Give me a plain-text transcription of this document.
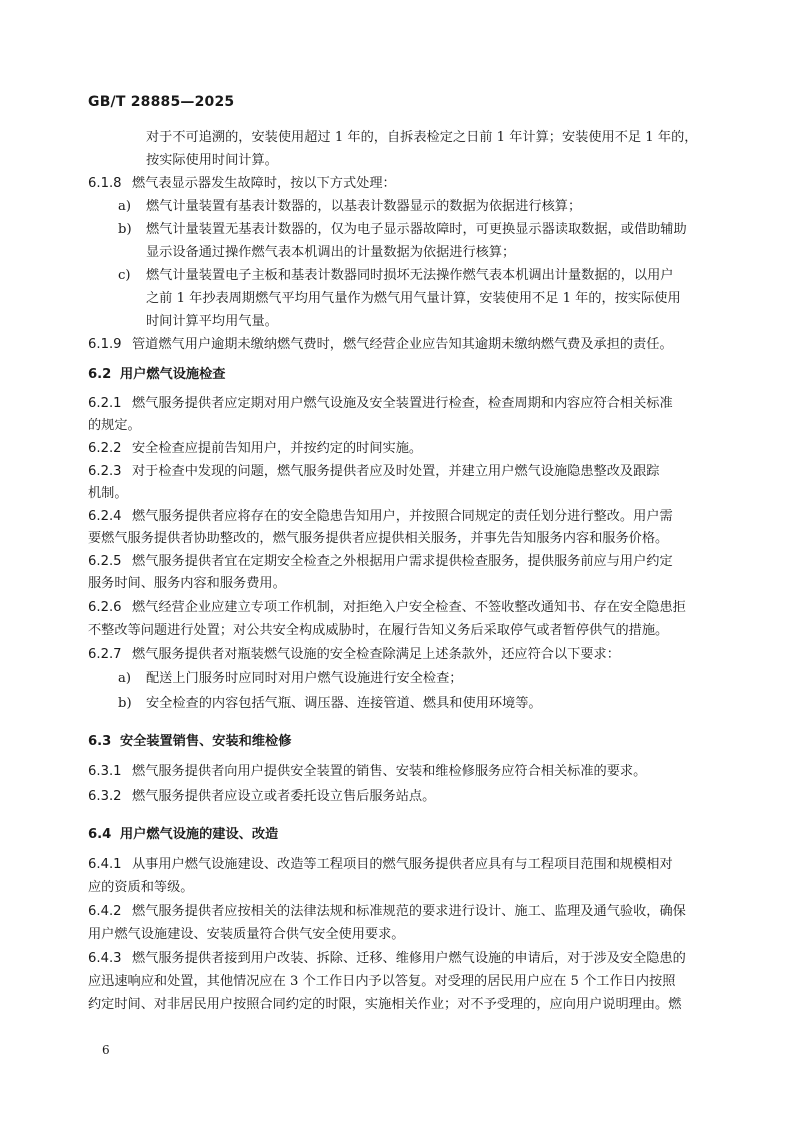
GB/T 28885—2025
对于不可追溯的，安装使用超过 1 年的，自拆表检定之日前 1 年计算；安装使用不足 1 年的，
按实际使用时间计算。
6.1.8 燃气表显示器发生故障时，按以下方式处理：
a) 燃气计量装置有基表计数器的，以基表计数器显示的数据为依据进行核算；
b) 燃气计量装置无基表计数器的，仅为电子显示器故障时，可更换显示器读取数据，或借助辅助
显示设备通过操作燃气表本机调出的计量数据为依据进行核算；
c) 燃气计量装置电子主板和基表计数器同时损坏无法操作燃气表本机调出计量数据的，以用户
之前 1 年抄表周期燃气平均用气量作为燃气用气量计算，安装使用不足 1 年的，按实际使用
时间计算平均用气量。
6.1.9 管道燃气用户逾期未缴纳燃气费时，燃气经营企业应告知其逾期未缴纳燃气费及承担的责任。
6.2 用户燃气设施检查
6.2.1 燃气服务提供者应定期对用户燃气设施及安全装置进行检查，检查周期和内容应符合相关标准
的规定。
6.2.2 安全检查应提前告知用户，并按约定的时间实施。
6.2.3 对于检查中发现的问题，燃气服务提供者应及时处置，并建立用户燃气设施隐患整改及跟踪
机制。
6.2.4 燃气服务提供者应将存在的安全隐患告知用户，并按照合同规定的责任划分进行整改。用户需
要燃气服务提供者协助整改的，燃气服务提供者应提供相关服务，并事先告知服务内容和服务价格。
6.2.5 燃气服务提供者宜在定期安全检查之外根据用户需求提供检查服务，提供服务前应与用户约定
服务时间、服务内容和服务费用。
6.2.6 燃气经营企业应建立专项工作机制，对拒绝入户安全检查、不签收整改通知书、存在安全隐患拒
不整改等问题进行处置；对公共安全构成威胁时，在履行告知义务后采取停气或者暂停供气的措施。
6.2.7 燃气服务提供者对瓶装燃气设施的安全检查除满足上述条款外，还应符合以下要求：
a) 配送上门服务时应同时对用户燃气设施进行安全检查；
b) 安全检查的内容包括气瓶、调压器、连接管道、燃具和使用环境等。
6.3 安全装置销售、安装和维检修
6.3.1 燃气服务提供者向用户提供安全装置的销售、安装和维检修服务应符合相关标准的要求。
6.3.2 燃气服务提供者应设立或者委托设立售后服务站点。
6.4 用户燃气设施的建设、改造
6.4.1 从事用户燃气设施建设、改造等工程项目的燃气服务提供者应具有与工程项目范围和规模相对
应的资质和等级。
6.4.2 燃气服务提供者应按相关的法律法规和标准规范的要求进行设计、施工、监理及通气验收，确保
用户燃气设施建设、安装质量符合供气安全使用要求。
6.4.3 燃气服务提供者接到用户改装、拆除、迁移、维修用户燃气设施的申请后，对于涉及安全隐患的
应迅速响应和处置，其他情况应在 3 个工作日内予以答复。对受理的居民用户应在 5 个工作日内按照
约定时间、对非居民用户按照合同约定的时限，实施相关作业；对不予受理的，应向用户说明理由。燃
6
